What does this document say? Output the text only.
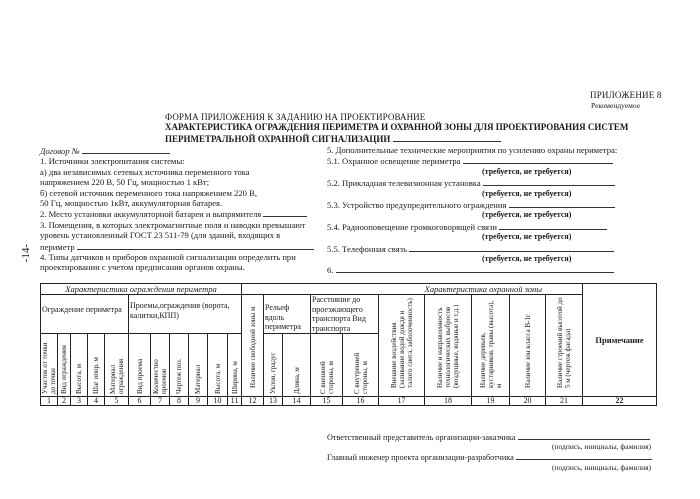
ПРИЛОЖЕНИЕ 8
Рекомендуемое
ФОРМА ПРИЛОЖЕНИЯ К ЗАДАНИЮ НА ПРОЕКТИРОВАНИЕ
ХАРАКТЕРИСТИКА ОГРАЖДЕНИЯ ПЕРИМЕТРА И ОХРАННОЙ ЗОНЫ ДЛЯ ПРОЕКТИРОВАНИЯ СИСТЕМ
ПЕРИМЕТРАЛЬНОЙ ОХРАННОЙ СИГНАЛИЗАЦИИ
-14-
Договор №
1. Источники электропитания системы:
а) два независимых сетевых источника переменного тока
напряжением 220 В, 50 Гц, мощностью 1 кВт;
б) сетевой источник переменного тока напряжением 220 В,
50 Гц, мощностью 1кВт, аккумуляторная батарея.
2. Место установки аккумуляторной батареи и выпрямителя
3. Помещения, в которых электромагнитные поля и наводки превышают
уровень установленный ГОСТ 23 511-79 (для зданий, входящих в
периметр
4. Типы датчиков и приборов охранной сигнализации определить при
проектировании с учетом предписания органов охраны.
5. Дополнительные технические мероприятия по усилению охраны периметра:
5.1. Охранное освещение периметра
(требуется, не требуется)
5.2. Прикладная телевизионная установка
(требуется, не требуется)
5.3. Устройство предупредительного ограждения
(требуется, не требуется)
5.4. Радиооповещение громкоговорящей связи
(требуется, не требуется)
5.5. Телефонная связь
(требуется, не требуется)
6.
Характеристика ограждения периметра											Характеристика охранной зоны										Примечание

Ограждение периметра					Проемы,ограждения (ворота, калитки,КПП)						Наличие свободной зоны м	Рельеф вдоль периметра		Расстояние до проезжающего транспорта Вид транспорта		Внешние воздействия (заливание водой дождя и талого снега, заболоченность)	Наличие и направленность технологических выбросов (воздушные, водяные и т.д.)	Наличие деревьев, кустарников, травы (высота), м	Наличие зон класса В-1г	Наличие строений высотой до 5 м (чертеж фасада)	

Участок от точки до точки	Вид ограждения	Высота, м	Шаг опор, м	Материал ограждения	Вид проема	Количество проемов	Чертеж поз.	Материал	Высота, м	Ширина, м		Уклон, градус	Длина, м	С внешней стороны, м	С внутренней стороны, м						

1	2	3	4	5	6	7	8	9	10	11	12	13	14	15	16	17	18	19	20	21	22
Ответственный представитель организации-заказчика
(подпись, инициалы, фамилия)
Главный инженер проекта организации-разработчика
(подпись, инициалы, фамилия)
